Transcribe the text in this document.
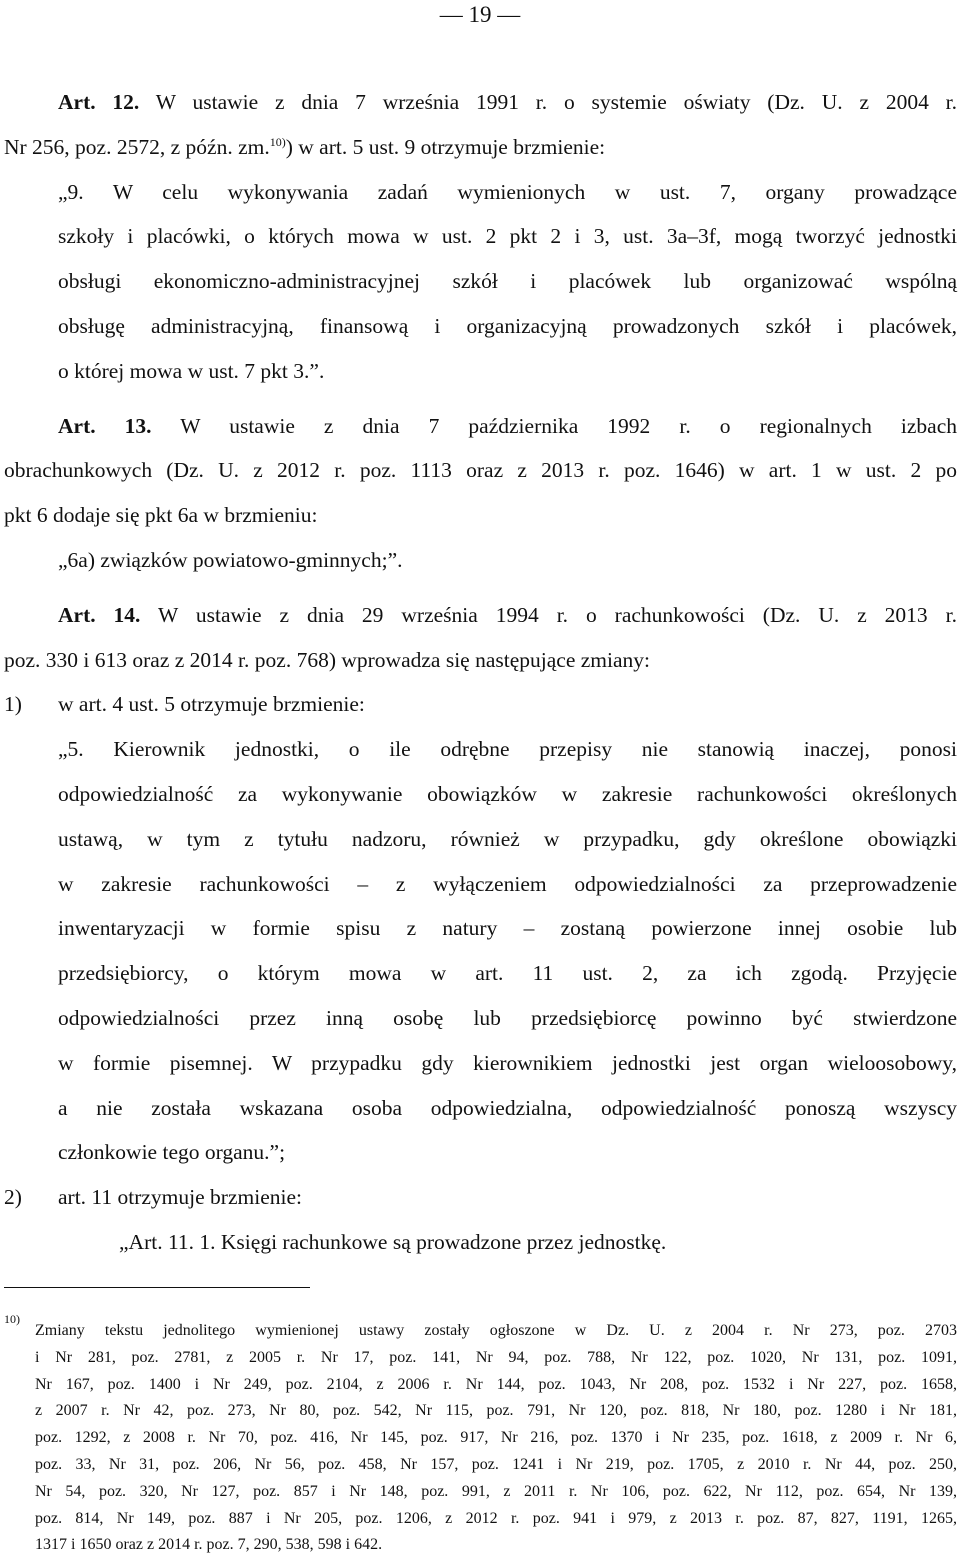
— 19 —
Art. 12. W ustawie z dnia 7 września 1991 r. o systemie oświaty (Dz. U. z 2004 r.
Nr 256, poz. 2572, z późn. zm.$^{10)}$) w art. 5 ust. 9 otrzymuje brzmienie:
„9. W celu wykonywania zadań wymienionych w ust. 7, organy prowadzące
szkoły i placówki, o których mowa w ust. 2 pkt 2 i 3, ust. 3a–3f, mogą tworzyć jednostki
obsługi ekonomiczno-administracyjnej szkół i placówek lub organizować wspólną
obsługę administracyjną, finansową i organizacyjną prowadzonych szkół i placówek,
o której mowa w ust. 7 pkt 3.”.
Art. 13. W ustawie z dnia 7 października 1992 r. o regionalnych izbach
obrachunkowych (Dz. U. z 2012 r. poz. 1113 oraz z 2013 r. poz. 1646) w art. 1 w ust. 2 po
pkt 6 dodaje się pkt 6a w brzmieniu:
„6a) związków powiatowo-gminnych;”.
Art. 14. W ustawie z dnia 29 września 1994 r. o rachunkowości (Dz. U. z 2013 r.
poz. 330 i 613 oraz z 2014 r. poz. 768) wprowadza się następujące zmiany:
1) w art. 4 ust. 5 otrzymuje brzmienie:
„5. Kierownik jednostki, o ile odrębne przepisy nie stanowią inaczej, ponosi
odpowiedzialność za wykonywanie obowiązków w zakresie rachunkowości określonych
ustawą, w tym z tytułu nadzoru, również w przypadku, gdy określone obowiązki
w zakresie rachunkowości – z wyłączeniem odpowiedzialności za przeprowadzenie
inwentaryzacji w formie spisu z natury – zostaną powierzone innej osobie lub
przedsiębiorcy, o którym mowa w art. 11 ust. 2, za ich zgodą. Przyjęcie
odpowiedzialności przez inną osobę lub przedsiębiorcę powinno być stwierdzone
w formie pisemnej. W przypadku gdy kierownikiem jednostki jest organ wieloosobowy,
a nie została wskazana osoba odpowiedzialna, odpowiedzialność ponoszą wszyscy
członkowie tego organu.”;
2) art. 11 otrzymuje brzmienie:
„Art. 11. 1. Księgi rachunkowe są prowadzone przez jednostkę.
10)
Zmiany tekstu jednolitego wymienionej ustawy zostały ogłoszone w Dz. U. z 2004 r. Nr 273, poz. 2703
i Nr 281, poz. 2781, z 2005 r. Nr 17, poz. 141, Nr 94, poz. 788, Nr 122, poz. 1020, Nr 131, poz. 1091,
Nr 167, poz. 1400 i Nr 249, poz. 2104, z 2006 r. Nr 144, poz. 1043, Nr 208, poz. 1532 i Nr 227, poz. 1658,
z 2007 r. Nr 42, poz. 273, Nr 80, poz. 542, Nr 115, poz. 791, Nr 120, poz. 818, Nr 180, poz. 1280 i Nr 181,
poz. 1292, z 2008 r. Nr 70, poz. 416, Nr 145, poz. 917, Nr 216, poz. 1370 i Nr 235, poz. 1618, z 2009 r. Nr 6,
poz. 33, Nr 31, poz. 206, Nr 56, poz. 458, Nr 157, poz. 1241 i Nr 219, poz. 1705, z 2010 r. Nr 44, poz. 250,
Nr 54, poz. 320, Nr 127, poz. 857 i Nr 148, poz. 991, z 2011 r. Nr 106, poz. 622, Nr 112, poz. 654, Nr 139,
poz. 814, Nr 149, poz. 887 i Nr 205, poz. 1206, z 2012 r. poz. 941 i 979, z 2013 r. poz. 87, 827, 1191, 1265,
1317 i 1650 oraz z 2014 r. poz. 7, 290, 538, 598 i 642.
